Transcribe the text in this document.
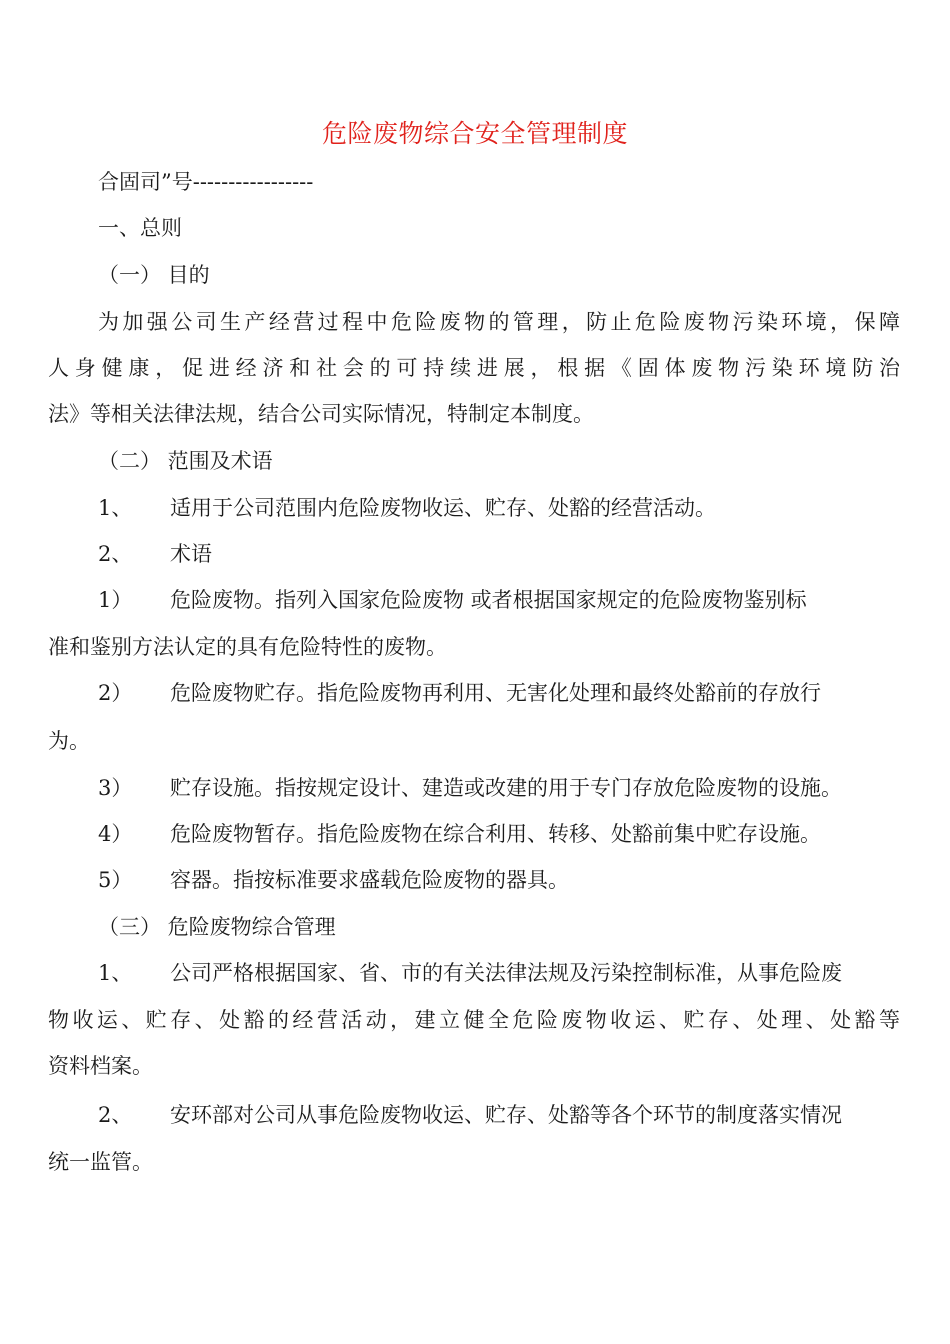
危险废物综合安全管理制度
合固司”号-----------------
一、总则
（一） 目的
为加强公司生产经营过程中危险废物的管理，防止危险废物污染环境，保障
人身健康，促进经济和社会的可持续进展，根据《固体废物污染环境防治
法》等相关法律法规，结合公司实际情况，特制定本制度。
（二） 范围及术语
1、 适用于公司范围内危险废物收运、贮存、处豁的经营活动。
2、 术语
1） 危险废物。指列入国家危险废物 或者根据国家规定的危险废物鉴别标
准和鉴别方法认定的具有危险特性的废物。
2） 危险废物贮存。指危险废物再利用、无害化处理和最终处豁前的存放行
为。
3） 贮存设施。指按规定设计、建造或改建的用于专门存放危险废物的设施。
4） 危险废物暂存。指危险废物在综合利用、转移、处豁前集中贮存设施。
5） 容器。指按标准要求盛载危险废物的器具。
（三） 危险废物综合管理
1、 公司严格根据国家、省、市的有关法律法规及污染控制标准，从事危险废
物收运、贮存、处豁的经营活动，建立健全危险废物收运、贮存、处理、处豁等
资料档案。
2、 安环部对公司从事危险废物收运、贮存、处豁等各个环节的制度落实情况
统一监管。
